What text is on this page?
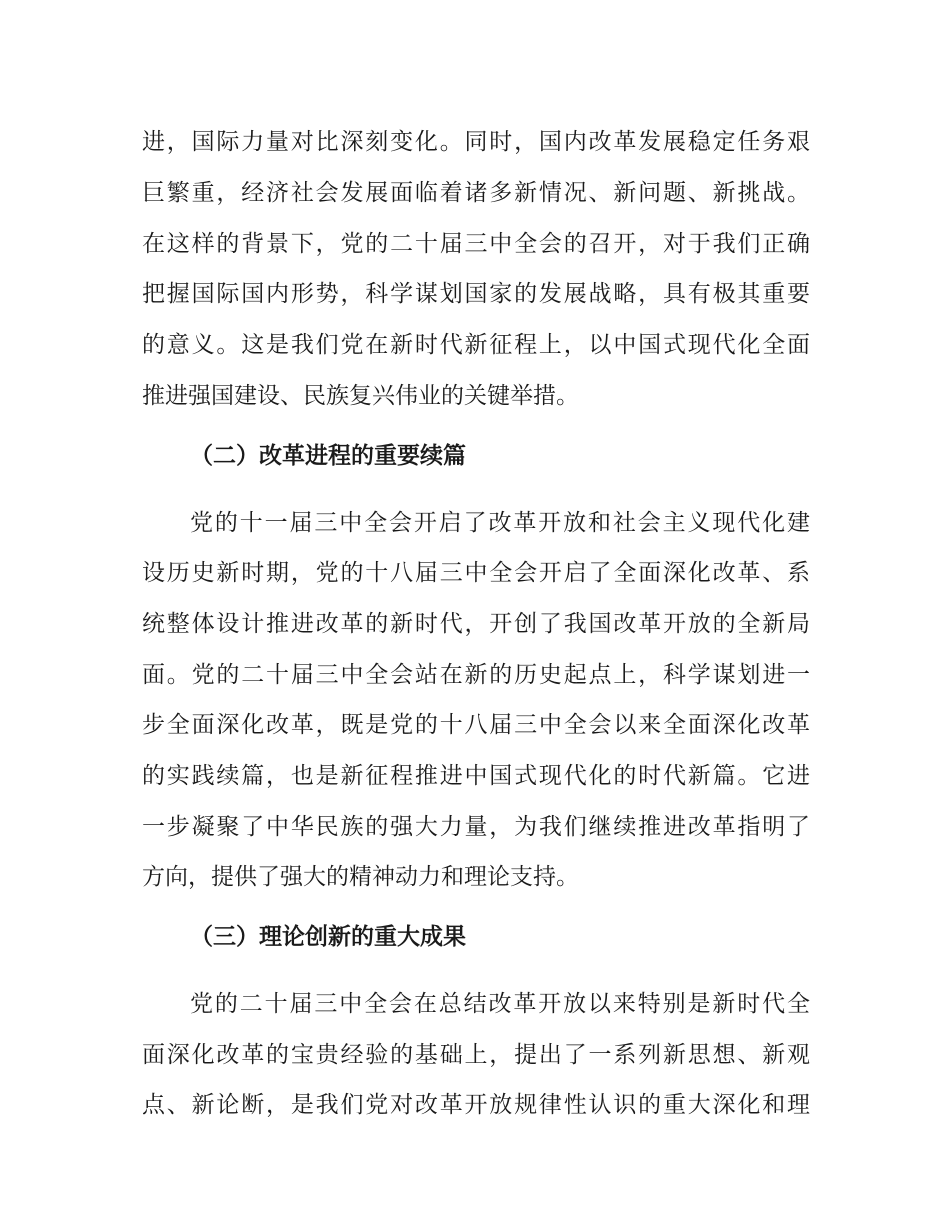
进，国际力量对比深刻变化。同时，国内改革发展稳定任务艰
巨繁重，经济社会发展面临着诸多新情况、新问题、新挑战。
在这样的背景下，党的二十届三中全会的召开，对于我们正确
把握国际国内形势，科学谋划国家的发展战略，具有极其重要
的意义。这是我们党在新时代新征程上，以中国式现代化全面
推进强国建设、民族复兴伟业的关键举措。
（二）改革进程的重要续篇
党的十一届三中全会开启了改革开放和社会主义现代化建
设历史新时期，党的十八届三中全会开启了全面深化改革、系
统整体设计推进改革的新时代，开创了我国改革开放的全新局
面。党的二十届三中全会站在新的历史起点上，科学谋划进一
步全面深化改革，既是党的十八届三中全会以来全面深化改革
的实践续篇，也是新征程推进中国式现代化的时代新篇。它进
一步凝聚了中华民族的强大力量，为我们继续推进改革指明了
方向，提供了强大的精神动力和理论支持。
（三）理论创新的重大成果
党的二十届三中全会在总结改革开放以来特别是新时代全
面深化改革的宝贵经验的基础上，提出了一系列新思想、新观
点、新论断，是我们党对改革开放规律性认识的重大深化和理
